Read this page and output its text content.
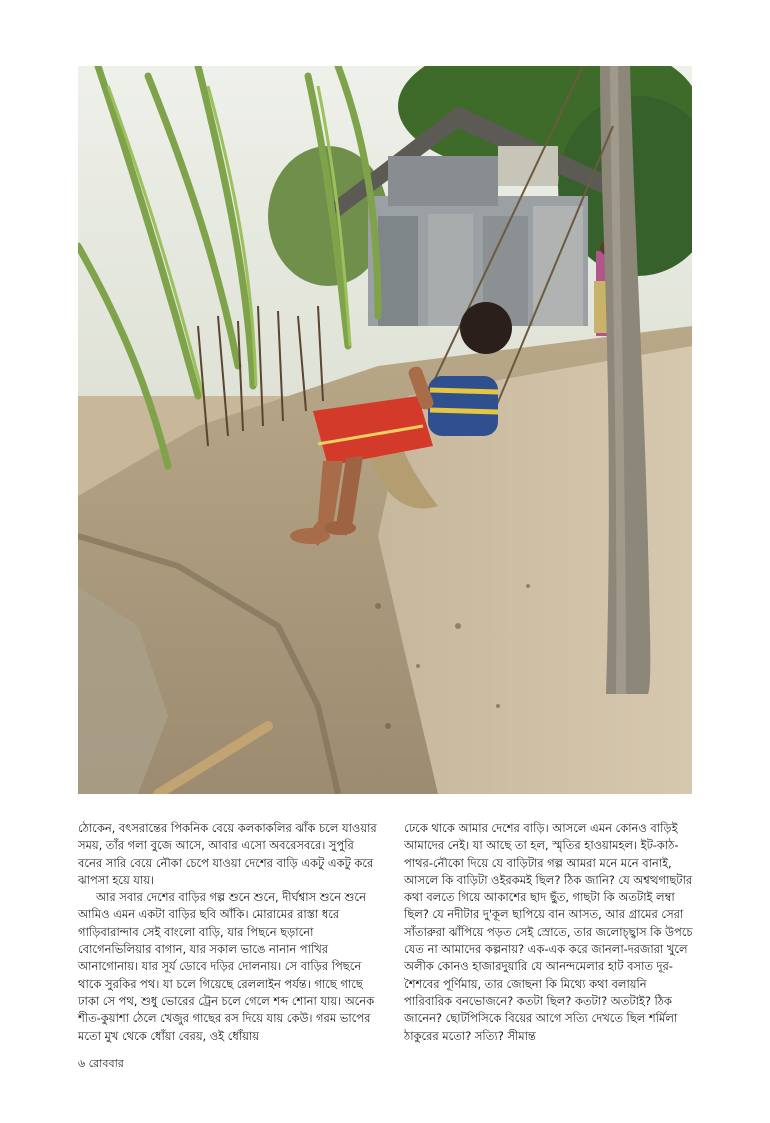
ঠোকেন, বৎসরান্তের পিকনিক বেয়ে কলকাকলির ঝাঁক চলে যাওয়ার সময়, তাঁর গলা বুজে আসে, আবার এসো অবরেসবরে। সুপুরি বনের সারি বেয়ে নৌকা চেপে যাওয়া দেশের বাড়ি একটু একটু করে ঝাপসা হয়ে যায়।

আর সবার দেশের বাড়ির গল্প শুনে শুনে, দীর্ঘশ্বাস শুনে শুনে আমিও এমন একটা বাড়ির ছবি আঁকি। মোরামের রাস্তা ধরে গাড়িবারান্দাব সেই বাংলো বাড়ি, যার পিছনে ছড়ানো বোগেনভিলিয়ার বাগান, যার সকাল ভাঙে নানান পাখির আনাগোনায়। যার সূর্য ডোবে দড়ির দোলনায়। সে বাড়ির পিছনে থাকে সুরকির পথ। যা চলে গিয়েছে রেললাইন পর্যন্ত। গাছে গাছে ঢাকা সে পথ, শুধু ভোরের ট্রেন চলে গেলে শব্দ শোনা যায়। অনেক শীত-কুয়াশা ঠেলে খেজুর গাছের রস দিয়ে যায় কেউ। গরম ভাপের মতো মুখ থেকে ধোঁয়া বেরয়, ওই ধোঁয়ায়

ঢেকে থাকে আমার দেশের বাড়ি। আসলে এমন কোনও বাড়িই আমাদের নেই। যা আছে তা হল, স্মৃতির হাওয়ামহল। ইট-কাঠ-পাথর-নৌকো দিয়ে যে বাড়িটার গল্প আমরা মনে মনে বানাই, আসলে কি বাড়িটা ওইরকমই ছিল? ঠিক জানি? যে অশ্বত্থগাছটার কথা বলতে গিয়ে আকাশের ছাদ ছুঁত, গাছটা কি অতটাই লম্বা ছিল? যে নদীটার দু'কূল ছাপিয়ে বান আসত, আর গ্রামের সেরা সাঁতারুরা ঝাঁপিয়ে পড়ত সেই স্রোতে, তার জলোচ্ছ্বাস কি উপচে যেত না আমাদের কল্পনায়? এক-এক করে জানলা-দরজারা খুলে অলীক কোনও হাজারদুয়ারি যে আনন্দমেলার হাট বসাত দূর-শৈশবের পূর্ণিমায়, তার জোছনা কি মিথ্যে কথা বলায়নি পারিবারিক বনভোজনে? কতটা ছিল? কতটা? অতটাই? ঠিক জানেন? ছোটপিসিকে বিয়ের আগে সত্যি দেখতে ছিল শর্মিলা ঠাকুরের মতো? সত্যি? সীমান্ত

৬ রোববার
